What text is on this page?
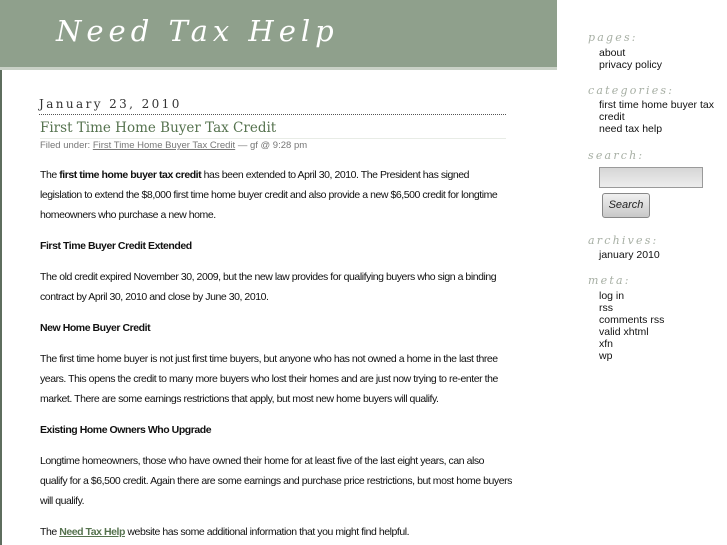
Need Tax Help
January 23, 2010
First Time Home Buyer Tax Credit
Filed under: First Time Home Buyer Tax Credit — gf @ 9:28 pm

The first time home buyer tax credit has been extended to April 30, 2010. The President has signed legislation to extend the $8,000 first time home buyer credit and also provide a new $6,500 credit for longtime homeowners who purchase a new home.

First Time Buyer Credit Extended

The old credit expired November 30, 2009, but the new law provides for qualifying buyers who sign a binding contract by April 30, 2010 and close by June 30, 2010.

New Home Buyer Credit

The first time home buyer is not just first time buyers, but anyone who has not owned a home in the last three years. This opens the credit to many more buyers who lost their homes and are just now trying to re-enter the market. There are some earnings restrictions that apply, but most new home buyers will qualify.

Existing Home Owners Who Upgrade

Longtime homeowners, those who have owned their home for at least five of the last eight years, can also qualify for a $6,500 credit. Again there are some earnings and purchase price restrictions, but most home buyers will qualify.

The Need Tax Help website has some additional information that you might find helpful.

pages:
about
privacy policy
categories:
first time home buyer tax
credit
need tax help
search:
Search
archives:
january 2010
meta:
log in
rss
comments rss
valid xhtml
xfn
wp
